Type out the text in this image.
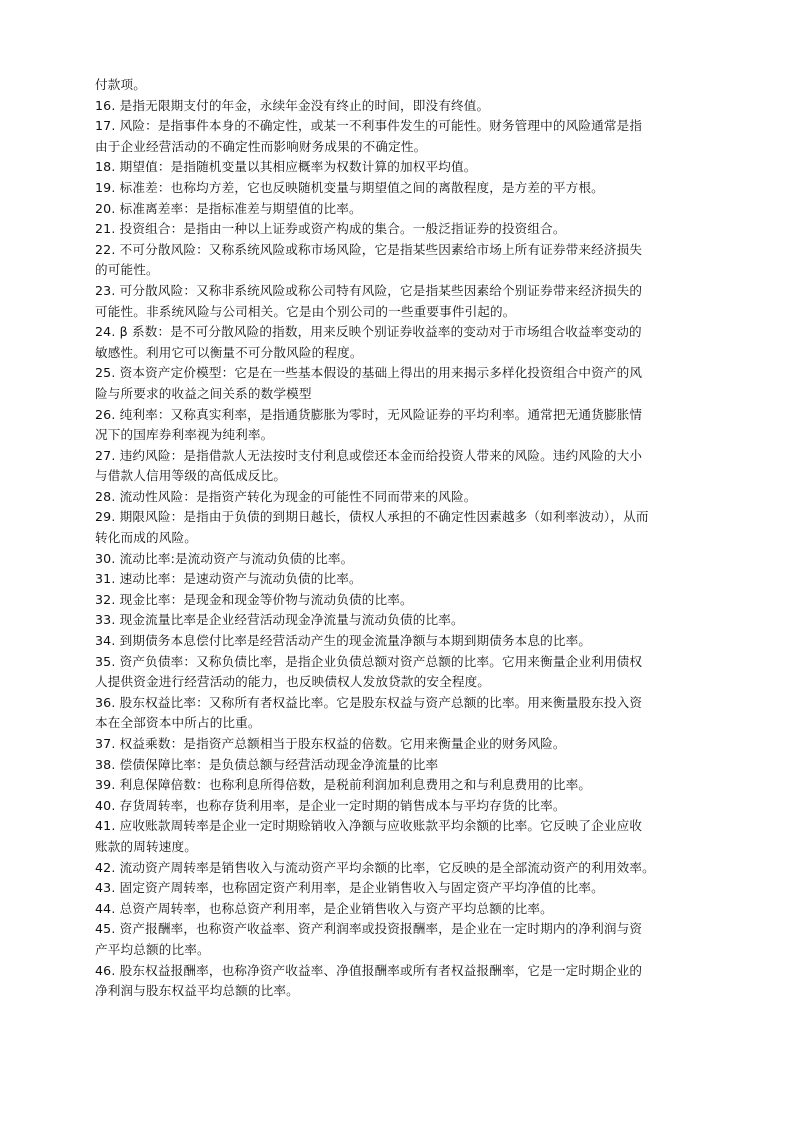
付款项。
16. 是指无限期支付的年金，永续年金没有终止的时间，即没有终值。
17. 风险：是指事件本身的不确定性，或某一不利事件发生的可能性。财务管理中的风险通常是指
由于企业经营活动的不确定性而影响财务成果的不确定性。
18. 期望值：是指随机变量以其相应概率为权数计算的加权平均值。
19. 标准差：也称均方差，它也反映随机变量与期望值之间的离散程度，是方差的平方根。
20. 标准离差率：是指标准差与期望值的比率。
21. 投资组合：是指由一种以上证券或资产构成的集合。一般泛指证券的投资组合。
22. 不可分散风险：又称系统风险或称市场风险，它是指某些因素给市场上所有证券带来经济损失
的可能性。
23. 可分散风险：又称非系统风险或称公司特有风险，它是指某些因素给个别证券带来经济损失的
可能性。非系统风险与公司相关。它是由个别公司的一些重要事件引起的。
24. β 系数：是不可分散风险的指数，用来反映个别证券收益率的变动对于市场组合收益率变动的
敏感性。利用它可以衡量不可分散风险的程度。
25. 资本资产定价模型：它是在一些基本假设的基础上得出的用来揭示多样化投资组合中资产的风
险与所要求的收益之间关系的数学模型
26. 纯利率：又称真实利率，是指通货膨胀为零时，无风险证券的平均利率。通常把无通货膨胀情
况下的国库券利率视为纯利率。
27. 违约风险：是指借款人无法按时支付利息或偿还本金而给投资人带来的风险。违约风险的大小
与借款人信用等级的高低成反比。
28. 流动性风险：是指资产转化为现金的可能性不同而带来的风险。
29. 期限风险：是指由于负债的到期日越长，债权人承担的不确定性因素越多（如利率波动），从而
转化而成的风险。
30. 流动比率:是流动资产与流动负债的比率。
31. 速动比率：是速动资产与流动负债的比率。
32. 现金比率：是现金和现金等价物与流动负债的比率。
33. 现金流量比率是企业经营活动现金净流量与流动负债的比率。
34. 到期债务本息偿付比率是经营活动产生的现金流量净额与本期到期债务本息的比率。
35. 资产负债率：又称负债比率，是指企业负债总额对资产总额的比率。它用来衡量企业利用债权
人提供资金进行经营活动的能力，也反映债权人发放贷款的安全程度。
36. 股东权益比率：又称所有者权益比率。它是股东权益与资产总额的比率。用来衡量股东投入资
本在全部资本中所占的比重。
37. 权益乘数：是指资产总额相当于股东权益的倍数。它用来衡量企业的财务风险。
38. 偿债保障比率：是负债总额与经营活动现金净流量的比率
39. 利息保障倍数：也称利息所得倍数，是税前利润加利息费用之和与利息费用的比率。
40. 存货周转率，也称存货利用率，是企业一定时期的销售成本与平均存货的比率。
41. 应收账款周转率是企业一定时期赊销收入净额与应收账款平均余额的比率。它反映了企业应收
账款的周转速度。
42. 流动资产周转率是销售收入与流动资产平均余额的比率，它反映的是全部流动资产的利用效率。
43. 固定资产周转率，也称固定资产利用率，是企业销售收入与固定资产平均净值的比率。
44. 总资产周转率，也称总资产利用率，是企业销售收入与资产平均总额的比率。
45. 资产报酬率，也称资产收益率、资产利润率或投资报酬率，是企业在一定时期内的净利润与资
产平均总额的比率。
46. 股东权益报酬率，也称净资产收益率、净值报酬率或所有者权益报酬率，它是一定时期企业的
净利润与股东权益平均总额的比率。
